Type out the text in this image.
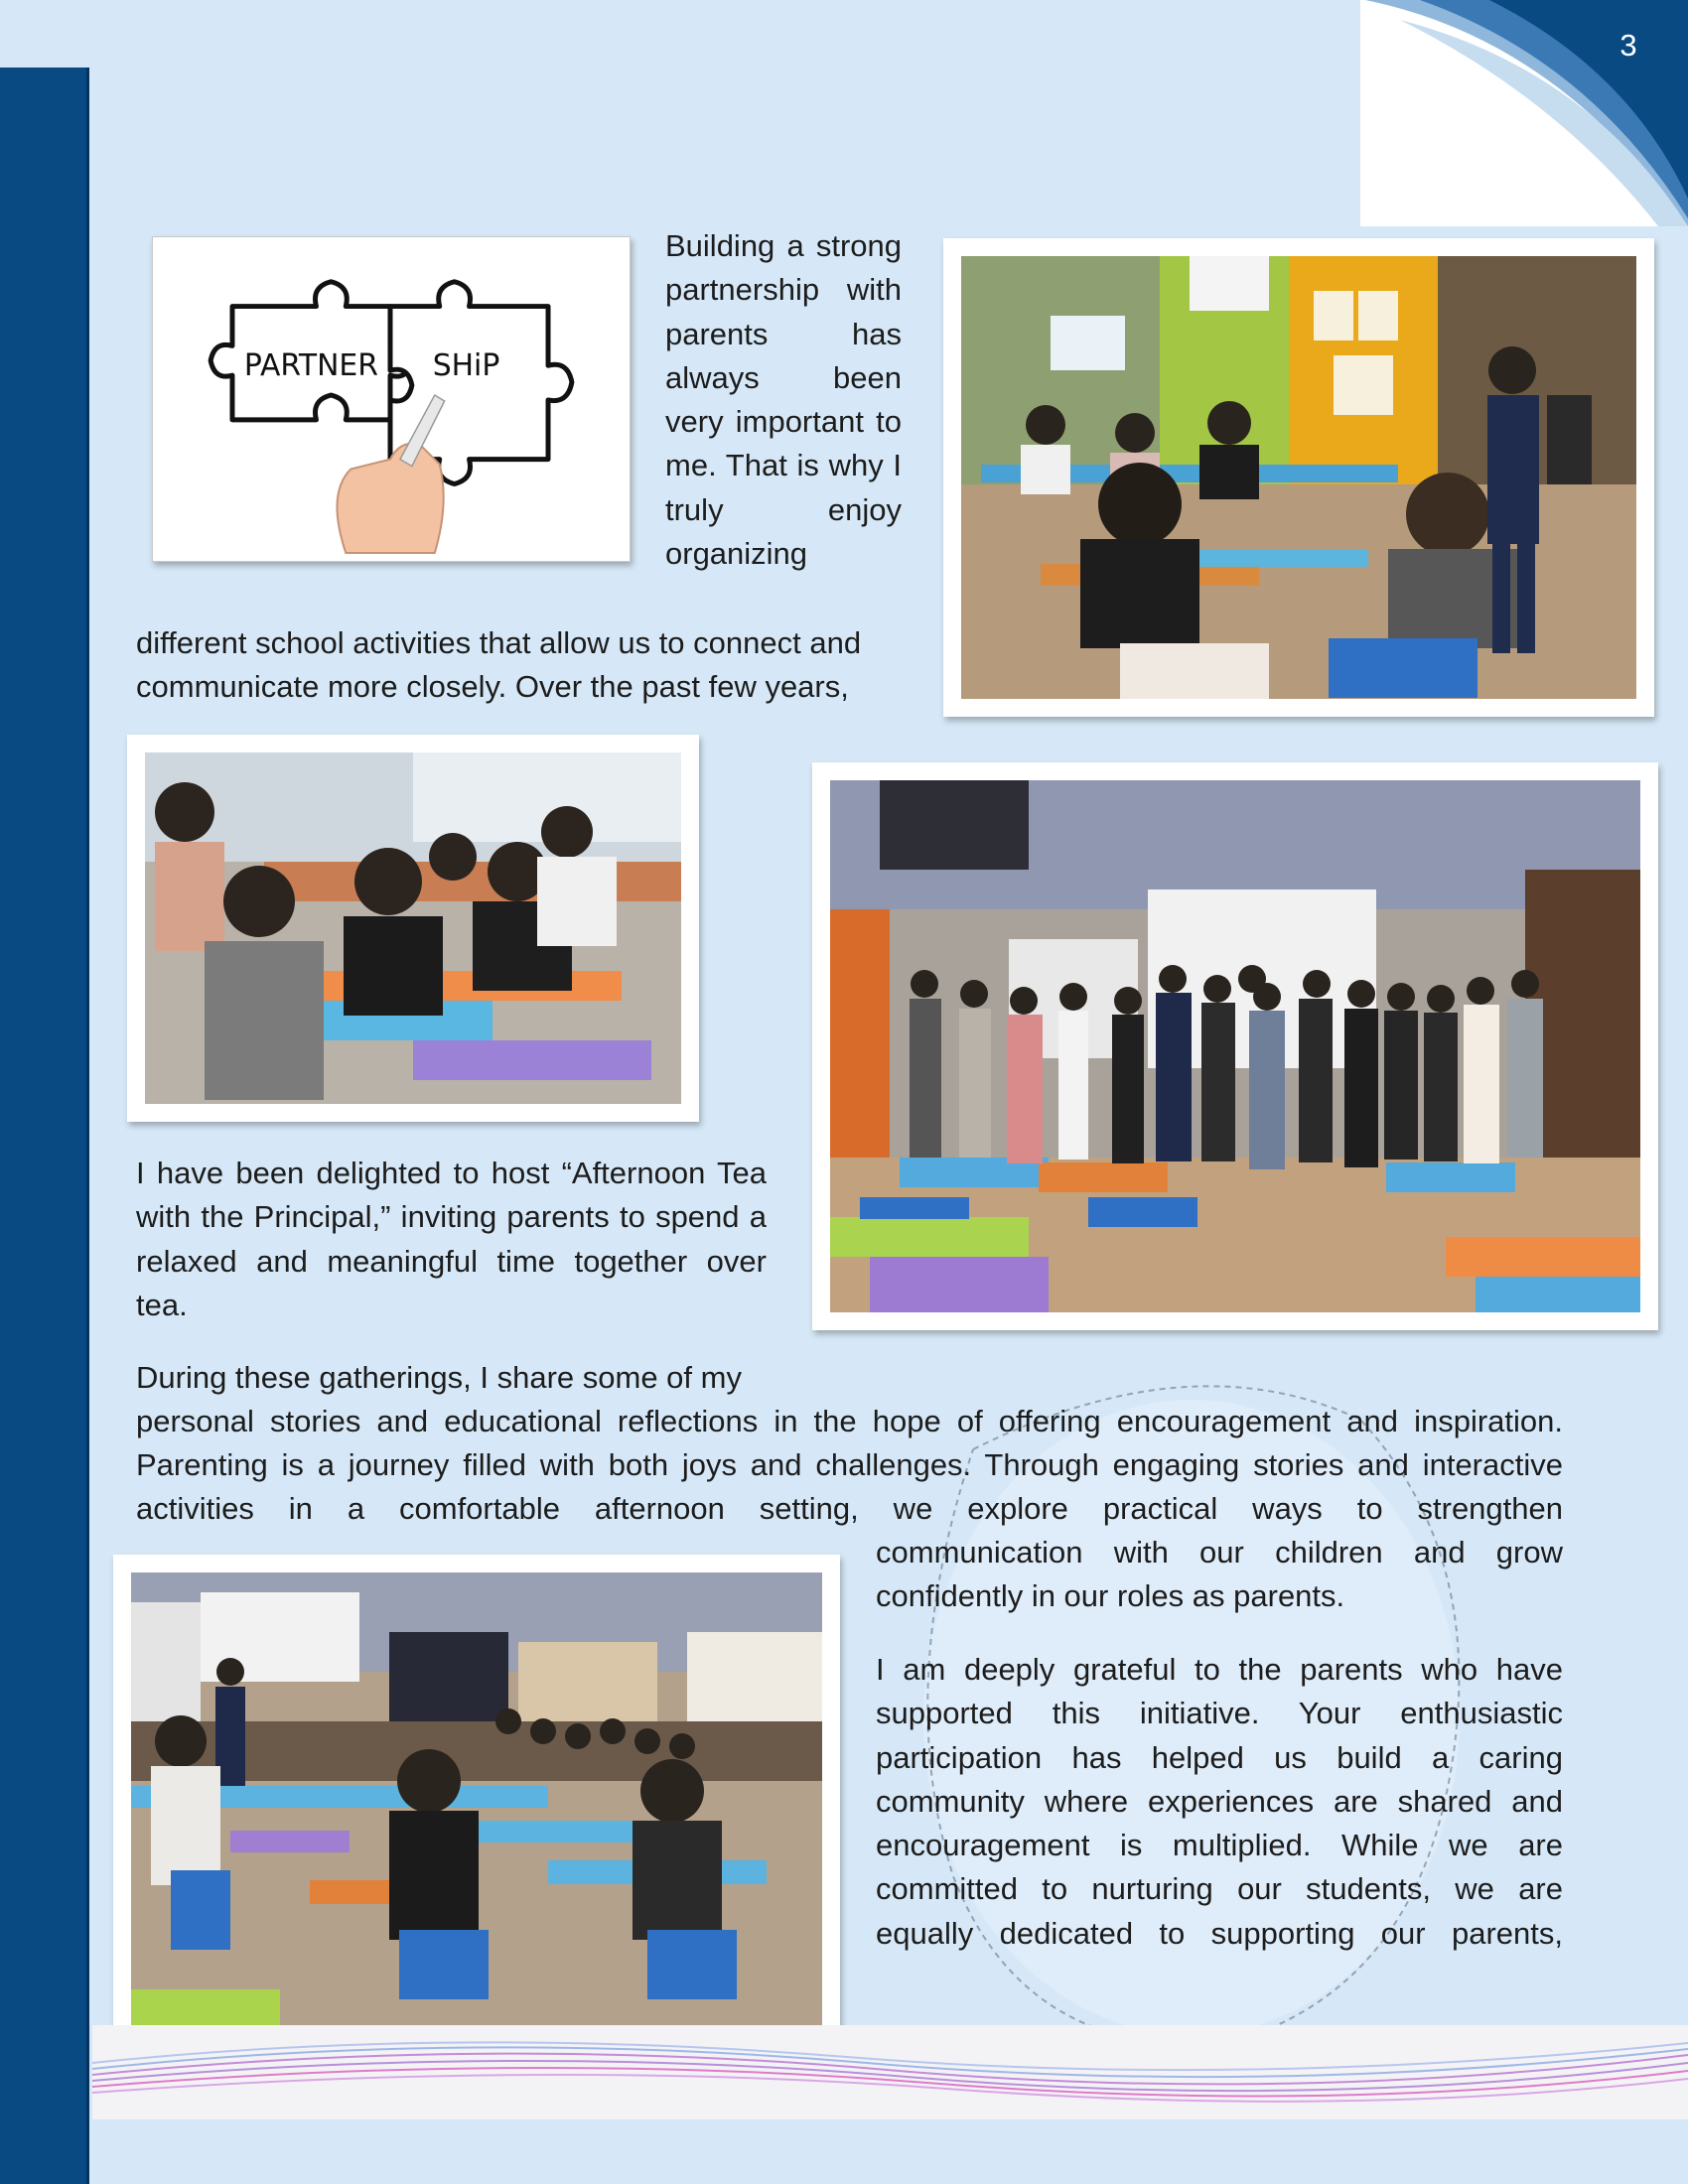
3
PARTNER SHiP
Building a strong partnership with parents has always been very important to me. That is why I truly enjoy organizing
different school activities that allow us to connect and
communicate more closely. Over the past few years,
I have been delighted to host “Afternoon Tea with the Principal,” inviting parents to spend a relaxed and meaningful time together over tea.
During these gatherings, I share some of my
personal stories and educational reflections in the hope of offering encouragement and inspiration.
Parenting is a journey filled with both joys and challenges. Through engaging stories and interactive
activities in a comfortable afternoon setting, we explore practical ways to strengthen
communication with our children and grow confidently in our roles as parents.
I am deeply grateful to the parents who have supported this initiative. Your enthusiastic participation has helped us build a caring community where experiences are shared and encouragement is multiplied. While we are committed to nurturing our students, we are equally dedicated to supporting our parents,
